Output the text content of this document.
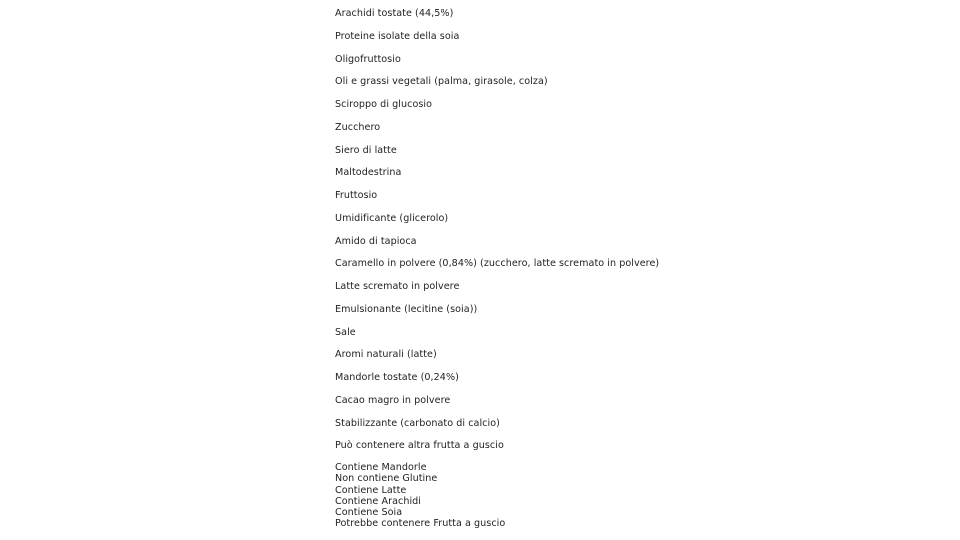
Arachidi tostate (44,5%)
Proteine isolate della soia
Oligofruttosio
Oli e grassi vegetali (palma, girasole, colza)
Sciroppo di glucosio
Zucchero
Siero di latte
Maltodestrina
Fruttosio
Umidificante (glicerolo)
Amido di tapioca
Caramello in polvere (0,84%) (zucchero, latte scremato in polvere)
Latte scremato in polvere
Emulsionante (lecitine (soia))
Sale
Aromi naturali (latte)
Mandorle tostate (0,24%)
Cacao magro in polvere
Stabilizzante (carbonato di calcio)
Può contenere altra frutta a guscio
Contiene Mandorle
Non contiene Glutine
Contiene Latte
Contiene Arachidi
Contiene Soia
Potrebbe contenere Frutta a guscio
